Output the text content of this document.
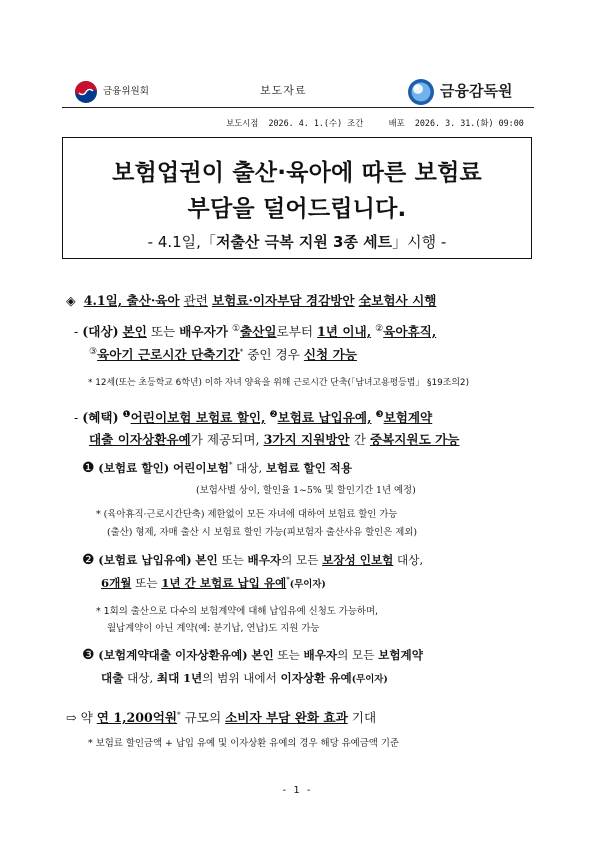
금융위원회	보도자료	금융감독원
보도시점 2026. 4. 1.(수) 조간	배포 2026. 3. 31.(화) 09:00
보험업권이 출산·육아에 따른 보험료
부담을 덜어드립니다.
- 4.1일,「저출산 극복 지원 3종 세트」시행 -
◈ 4.1일, 출산·육아 관련 보험료·이자부담 경감방안 全보험사 시행
- (대상) 본인 또는 배우자가 ①출산일로부터 1년 이내, ②육아휴직,
③육아기 근로시간 단축기간* 중인 경우 신청 가능
* 12세(또는 초등학교 6학년) 이하 자녀 양육을 위해 근로시간 단축(「남녀고용평등법」 §19조의2)
- (혜택) $^❶$어린이보험 보험료 할인, $^❷$보험료 납입유예, $^❸$보험계약
대출 이자상환유예가 제공되며, 3가지 지원방안 간 중복지원도 가능
❶ (보험료 할인) 어린이보험* 대상, 보험료 할인 적용
(보험사별 상이, 할인율 1~5% 및 할인기간 1년 예정)
* (육아휴직·근로시간단축) 제한없이 모든 자녀에 대하여 보험료 할인 가능
(출산) 형제, 자매 출산 시 보험료 할인 가능(피보험자 출산사유 할인은 제외)
❷ (보험료 납입유예) 본인 또는 배우자의 모든 보장성 인보험 대상,
6개월 또는 1년 간 보험료 납입 유예*(무이자)
* 1회의 출산으로 다수의 보험계약에 대해 납입유예 신청도 가능하며,
월납계약이 아닌 계약(예: 분기납, 연납)도 지원 가능
❸ (보험계약대출 이자상환유예) 본인 또는 배우자의 모든 보험계약
대출 대상, 최대 1년의 범위 내에서 이자상환 유예(무이자)
⇨ 약 연 1,200억원* 규모의 소비자 부담 완화 효과 기대
* 보험료 할인금액 + 납입 유예 및 이자상환 유예의 경우 해당 유예금액 기준
- 1 -
